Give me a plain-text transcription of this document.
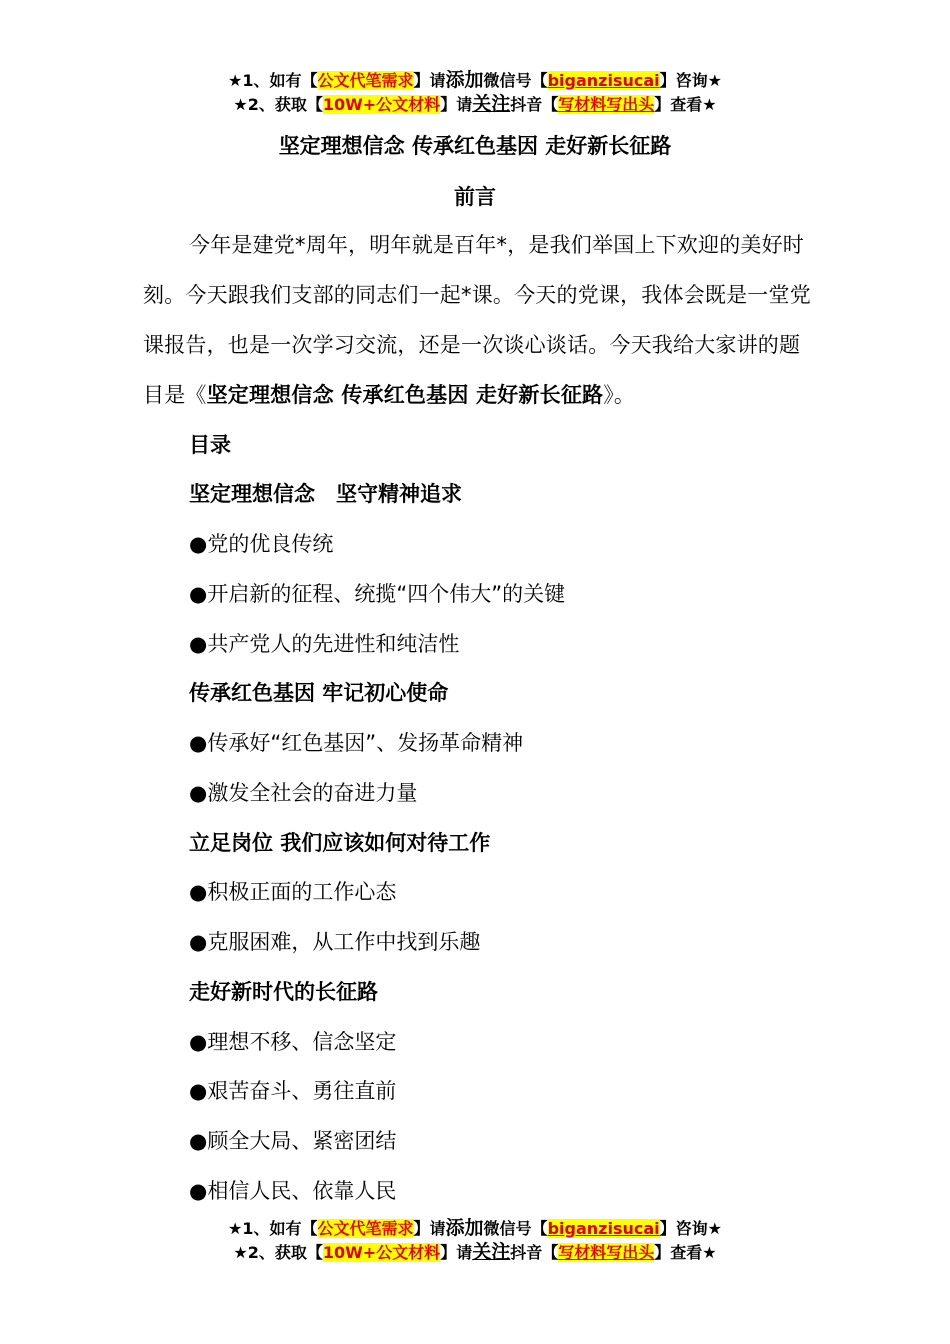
★1、如有【公文代笔需求】请添加微信号【biganzisucai】咨询★
★2、获取【10W+公文材料】请关注抖音【写材料写出头】查看★
坚定理想信念 传承红色基因 走好新长征路
前言
今年是建党*周年，明年就是百年*，是我们举国上下欢迎的美好时刻。今天跟我们支部的同志们一起*课。今天的党课，我体会既是一堂党课报告，也是一次学习交流，还是一次谈心谈话。今天我给大家讲的题目是《坚定理想信念 传承红色基因 走好新长征路》。
目录
坚定理想信念　坚守精神追求
●党的优良传统
●开启新的征程、统揽“四个伟大”的关键
●共产党人的先进性和纯洁性
传承红色基因 牢记初心使命
●传承好“红色基因”、发扬革命精神
●激发全社会的奋进力量
立足岗位 我们应该如何对待工作
●积极正面的工作心态
●克服困难，从工作中找到乐趣
走好新时代的长征路
●理想不移、信念坚定
●艰苦奋斗、勇往直前
●顾全大局、紧密团结
●相信人民、依靠人民
★1、如有【公文代笔需求】请添加微信号【biganzisucai】咨询★
★2、获取【10W+公文材料】请关注抖音【写材料写出头】查看★
